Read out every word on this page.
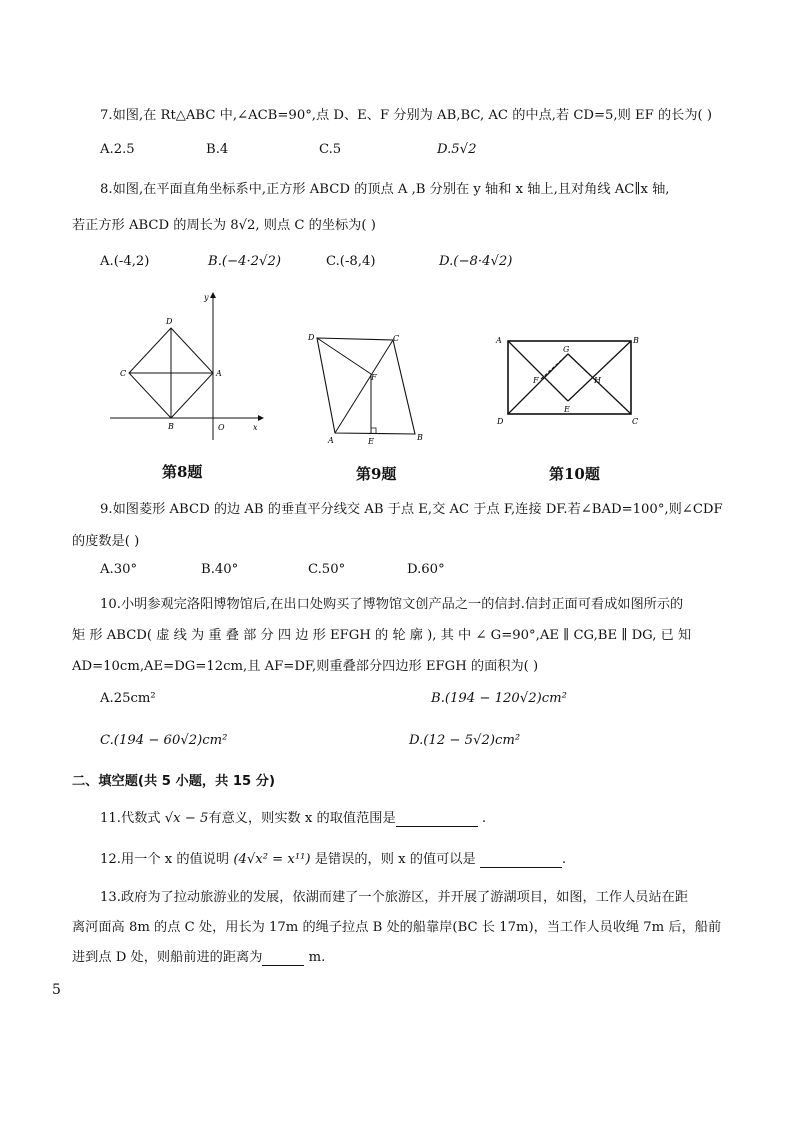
7.如图,在 Rt△ABC 中,∠ACB=90°,点 D、E、F 分别为 AB,BC, AC 的中点,若 CD=5,则 EF 的长为( )
A.2.5	B.4	C.5	D.5√2
8.如图,在平面直角坐标系中,正方形 ABCD 的顶点 A ,B 分别在 y 轴和 x 轴上,且对角线 AC∥x 轴,
若正方形 ABCD 的周长为 8√2, 则点 C 的坐标为( )
A.(-4,2)	B.(−4·2√2)	C.(-8,4)	D.(−8·4√2)
D
C	A
B	O	x
y
第8题
D	C
F
A	E	B
第9题
A	B
C
D
G
F	H
E
第10题
9.如图菱形 ABCD 的边 AB 的垂直平分线交 AB 于点 E,交 AC 于点 F,连接 DF.若∠BAD=100°,则∠CDF
的度数是( )
A.30°	B.40°	C.50°	D.60°
10.小明参观完洛阳博物馆后,在出口处购买了博物馆文创产品之一的信封.信封正面可看成如图所示的
矩 形 ABCD( 虚 线 为 重 叠 部 分 四 边 形 EFGH 的 轮 廓 ), 其 中 ∠ G=90°,AE ∥ CG,BE ∥ DG, 已 知
AD=10cm,AE=DG=12cm,且 AF=DF,则重叠部分四边形 EFGH 的面积为( )
A.25cm²	B.(194 − 120√2)cm²
C.(194 − 60√2)cm²	D.(12 − 5√2)cm²
二、填空题(共 5 小题，共 15 分)
11.代数式 √x − 5有意义，则实数 x 的取值范围是	.
12.用一个 x 的值说明 (4√x² = x¹¹) 是错误的，则 x 的值可以是	.
13.政府为了拉动旅游业的发展，依湖而建了一个旅游区，并开展了游湖项目，如图，工作人员站在距
离河面高 8m 的点 C 处，用长为 17m 的绳子拉点 B 处的船靠岸(BC 长 17m)，当工作人员收绳 7m 后，船前
进到点 D 处，则船前进的距离为	m.
5
